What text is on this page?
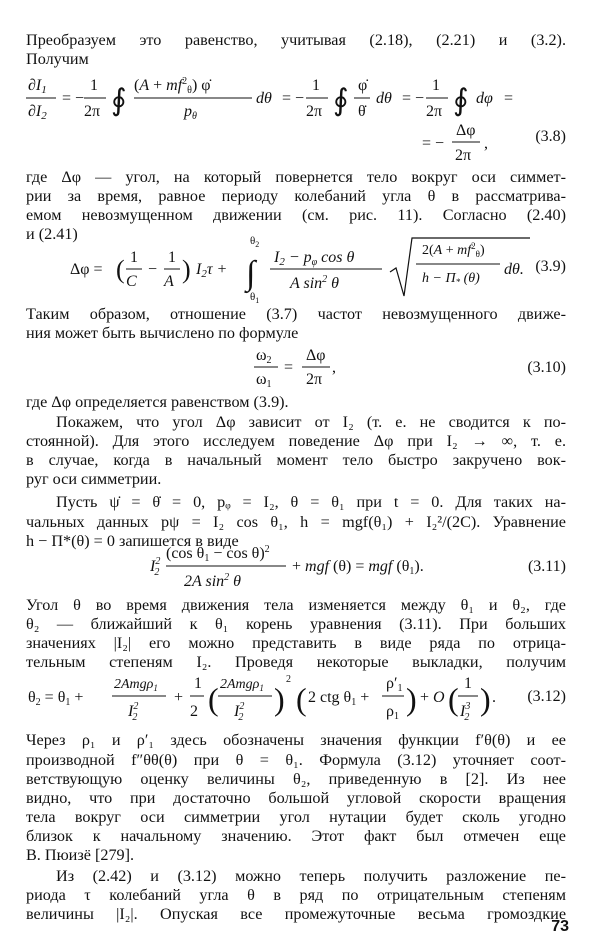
Преобразуем это равенство, учитывая (2.18), (2.21) и (3.2).
Получим
∂I1
∂I2
= −
1
2π ∮ $(A + mf^2_\theta)$ φ̇
pθ
dθ = −
1
2π ∮ φ̇
θ̇
dθ = −
1
2π ∮ dφ =
= −
Δφ
2π
,	(3.8)
где Δφ — угол, на который повернется тело вокруг оси симмет-
рии за время, равное периоду колебаний угла θ в рассматрива-
емом невозмущенном движении (см. рис. 11). Согласно (2.40)
и (2.41)
Δφ = ( 1
C
−
1
A ) I2τ + ∫
$\theta_2$
$\theta_1$
I2 − pφ cos θ
A $\sin^2 \theta$
$2(A + mf^2_\theta)$
$h - \Pi_*$ (θ)
dθ. (3.9)
Таким образом, отношение (3.7) частот невозмущенного движе-
ния может быть вычислено по формуле
ω2
ω1
=
Δφ
2π
,	(3.10)
где Δφ определяется равенством (3.9).
Покажем, что угол Δφ зависит от I₂ (т. е. не сводится к по-
стоянной). Для этого исследуем поведение Δφ при I₂ → ∞, т. е.
в случае, когда в начальный момент тело быстро закручено вок-
руг оси симметрии.
Пусть ψ̇ = θ̇ = 0, pᵩ = I₂, θ = θ₁ при t = 0. Для таких на-
чальных данных pψ = I₂ cos θ₁, h = mgf(θ₁) + I₂²/(2C). Уравнение
h − Π*(θ) = 0 запишется в виде
$I^2$ 2
(cos θ1 − cos θ)$^2$
2A $\sin^2 \theta$
+ mgf (θ) = mgf (θ1).	(3.11)
Угол θ во время движения тела изменяется между θ₁ и θ₂, где
θ₂ — ближайший к θ₁ корень уравнения (3.11). При больших
значениях |I₂| его можно представить в виде ряда по отрица-
тельным степеням I₂. Проведя некоторые выкладки, получим
θ2 = θ1 +
2Amgρ$_1$
$I^2$ 2
+
1
2 ( 2Amgρ$_1$
$I^2$ 2
)
2
( 2 ctg θ1 +
ρ′1
ρ1 ) + O ( 1
$I^3$ 2
) . (3.12)
Через ρ₁ и ρ′₁ здесь обозначены значения функции f′θ(θ) и ее
производной f″θθ(θ) при θ = θ₁. Формула (3.12) уточняет соот-
ветствующую оценку величины θ₂, приведенную в [2]. Из нее
видно, что при достаточно большой угловой скорости вращения
тела вокруг оси симметрии угол нутации будет сколь угодно
близок к начальному значению. Этот факт был отмечен еще
В. Пюизё [279].
Из (2.42) и (3.12) можно теперь получить разложение пе-
риода τ колебаний угла θ в ряд по отрицательным степеням
величины |I₂|. Опуская все промежуточные весьма громоздкие
73
